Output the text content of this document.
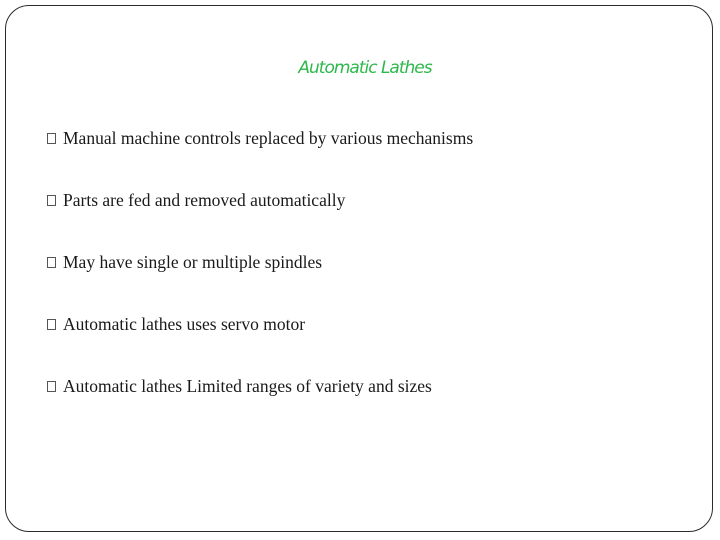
Automatic Lathes
Manual machine controls replaced by various mechanisms
Parts are fed and removed automatically
May have single or multiple spindles
Automatic lathes uses servo motor
Automatic lathes Limited ranges of variety and sizes
